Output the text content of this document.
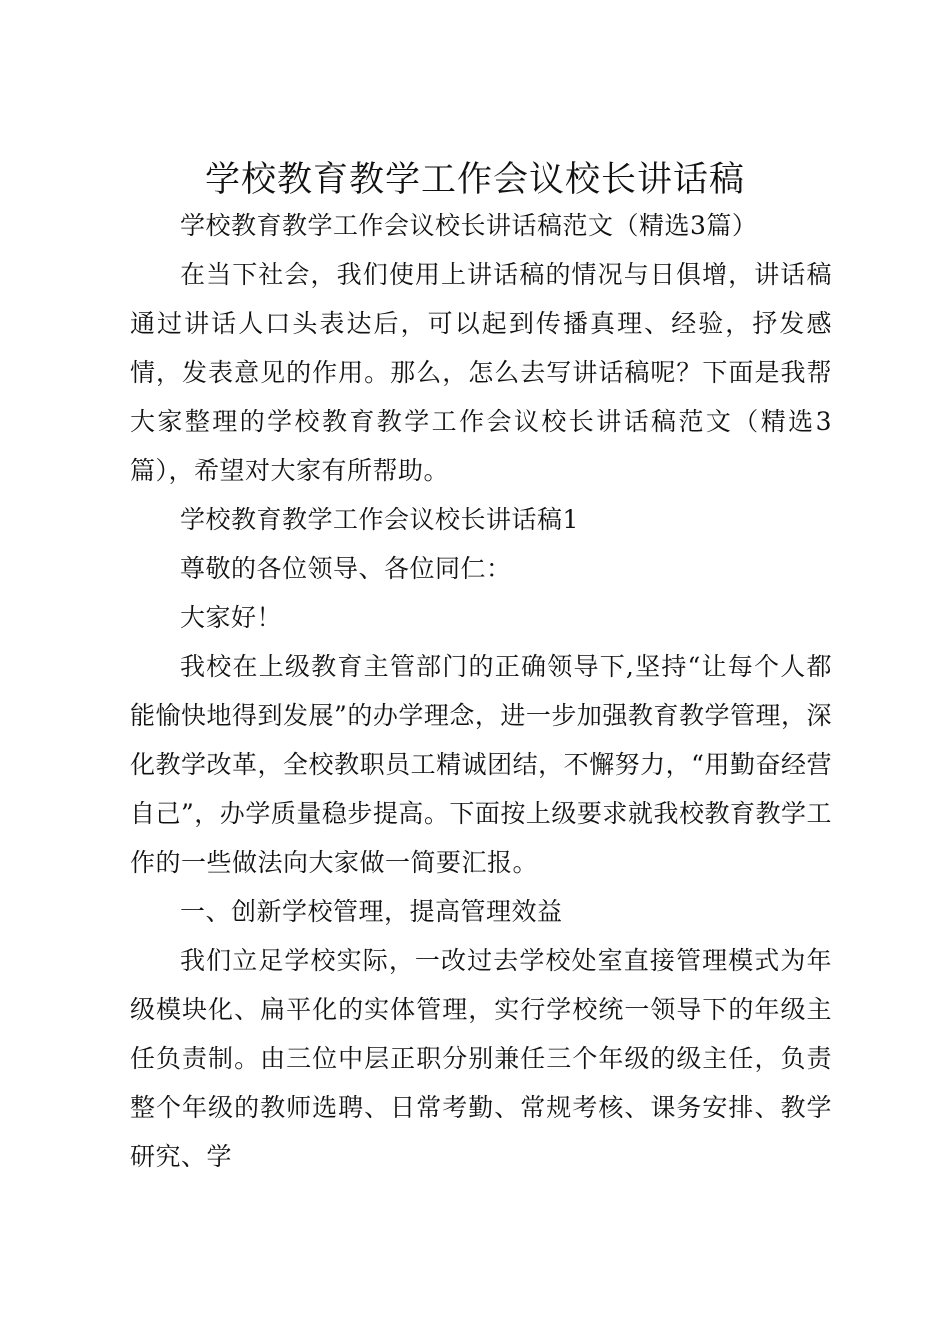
学校教育教学工作会议校长讲话稿

学校教育教学工作会议校长讲话稿范文（精选3篇）

在当下社会，我们使用上讲话稿的情况与日俱增，讲话稿通过讲话人口头表达后，可以起到传播真理、经验，抒发感情，发表意见的作用。那么，怎么去写讲话稿呢？下面是我帮大家整理的学校教育教学工作会议校长讲话稿范文（精选3篇），希望对大家有所帮助。

学校教育教学工作会议校长讲话稿1

尊敬的各位领导、各位同仁：

大家好！

我校在上级教育主管部门的正确领导下,坚持“让每个人都能愉快地得到发展”的办学理念，进一步加强教育教学管理，深化教学改革，全校教职员工精诚团结，不懈努力，“用勤奋经营自己”，办学质量稳步提高。下面按上级要求就我校教育教学工作的一些做法向大家做一简要汇报。

一、创新学校管理，提高管理效益

我们立足学校实际，一改过去学校处室直接管理模式为年级模块化、扁平化的实体管理，实行学校统一领导下的年级主任负责制。由三位中层正职分别兼任三个年级的级主任，负责整个年级的教师选聘、日常考勤、常规考核、课务安排、教学研究、学
